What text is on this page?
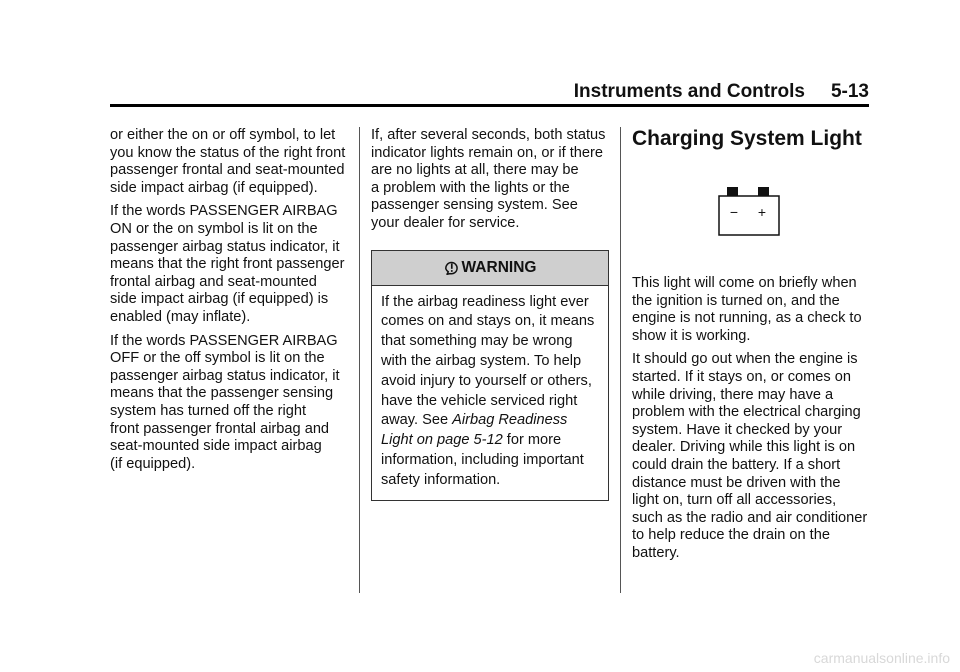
Instruments and Controls 5-13

or either the on or off symbol, to let
you know the status of the right front
passenger frontal and seat-mounted
side impact airbag (if equipped).

If the words PASSENGER AIRBAG
ON or the on symbol is lit on the
passenger airbag status indicator, it
means that the right front passenger
frontal airbag and seat-mounted
side impact airbag (if equipped) is
enabled (may inflate).

If the words PASSENGER AIRBAG
OFF or the off symbol is lit on the
passenger airbag status indicator, it
means that the passenger sensing
system has turned off the right
front passenger frontal airbag and
seat-mounted side impact airbag
(if equipped).

If, after several seconds, both status
indicator lights remain on, or if there
are no lights at all, there may be
a problem with the lights or the
passenger sensing system. See
your dealer for service.

WARNING
If the airbag readiness light ever
comes on and stays on, it means
that something may be wrong
with the airbag system. To help
avoid injury to yourself or others,
have the vehicle serviced right
away. See Airbag Readiness
Light on page 5-12 for more
information, including important
safety information.
Charging System Light
− +

This light will come on briefly when
the ignition is turned on, and the
engine is not running, as a check to
show it is working.

It should go out when the engine is
started. If it stays on, or comes on
while driving, there may have a
problem with the electrical charging
system. Have it checked by your
dealer. Driving while this light is on
could drain the battery. If a short
distance must be driven with the
light on, turn off all accessories,
such as the radio and air conditioner
to help reduce the drain on the
battery.

carmanualsonline.info
